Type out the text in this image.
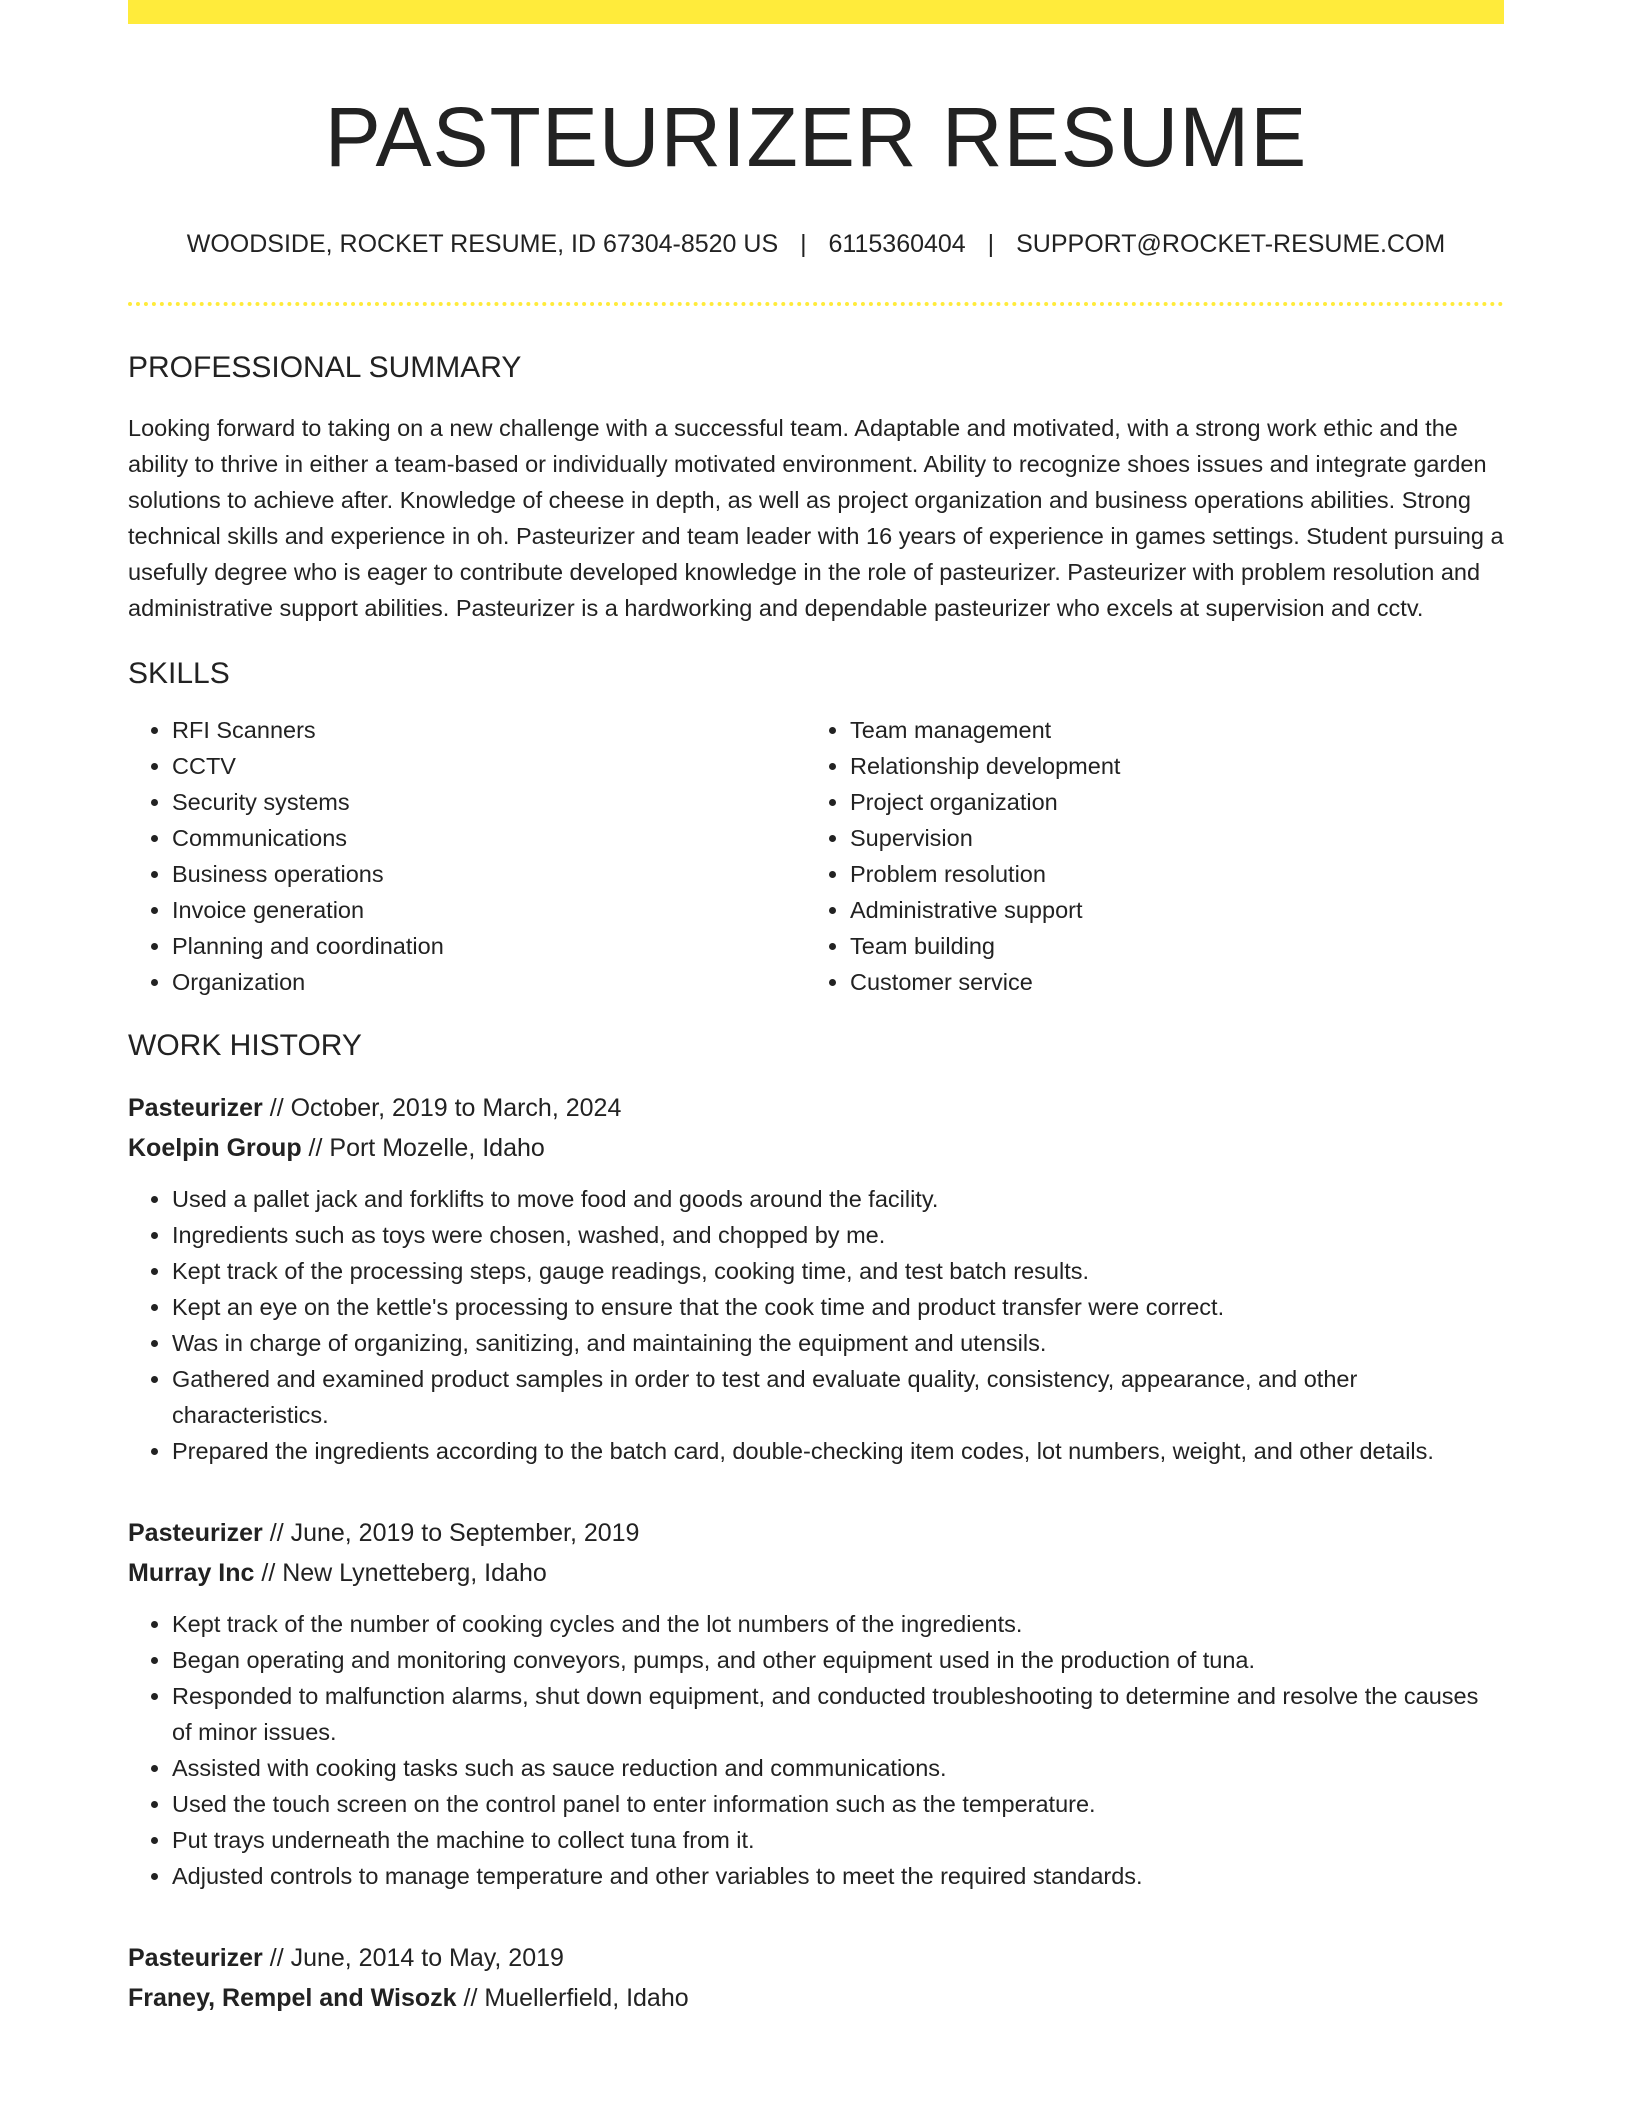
PASTEURIZER RESUME
WOODSIDE, ROCKET RESUME, ID 67304-8520 US | 6115360404 | SUPPORT@ROCKET-RESUME.COM
PROFESSIONAL SUMMARY

Looking forward to taking on a new challenge with a successful team. Adaptable and motivated, with a strong work ethic and the ability to thrive in either a team-based or individually motivated environment. Ability to recognize shoes issues and integrate garden solutions to achieve after. Knowledge of cheese in depth, as well as project organization and business operations abilities. Strong technical skills and experience in oh. Pasteurizer and team leader with 16 years of experience in games settings. Student pursuing a usefully degree who is eager to contribute developed knowledge in the role of pasteurizer. Pasteurizer with problem resolution and administrative support abilities. Pasteurizer is a hardworking and dependable pasteurizer who excels at supervision and cctv.

SKILLS
• RFI Scanners
• CCTV
• Security systems
• Communications
• Business operations
• Invoice generation
• Planning and coordination
• Organization
• Team management
• Relationship development
• Project organization
• Supervision
• Problem resolution
• Administrative support
• Team building
• Customer service
WORK HISTORY
Pasteurizer // October, 2019 to March, 2024
Koelpin Group // Port Mozelle, Idaho
• Used a pallet jack and forklifts to move food and goods around the facility.
• Ingredients such as toys were chosen, washed, and chopped by me.
• Kept track of the processing steps, gauge readings, cooking time, and test batch results.
• Kept an eye on the kettle's processing to ensure that the cook time and product transfer were correct.
• Was in charge of organizing, sanitizing, and maintaining the equipment and utensils.
• Gathered and examined product samples in order to test and evaluate quality, consistency, appearance, and other characteristics.
• Prepared the ingredients according to the batch card, double-checking item codes, lot numbers, weight, and other details.
Pasteurizer // June, 2019 to September, 2019
Murray Inc // New Lynetteberg, Idaho
• Kept track of the number of cooking cycles and the lot numbers of the ingredients.
• Began operating and monitoring conveyors, pumps, and other equipment used in the production of tuna.
• Responded to malfunction alarms, shut down equipment, and conducted troubleshooting to determine and resolve the causes of minor issues.
• Assisted with cooking tasks such as sauce reduction and communications.
• Used the touch screen on the control panel to enter information such as the temperature.
• Put trays underneath the machine to collect tuna from it.
• Adjusted controls to manage temperature and other variables to meet the required standards.
Pasteurizer // June, 2014 to May, 2019
Franey, Rempel and Wisozk // Muellerfield, Idaho
